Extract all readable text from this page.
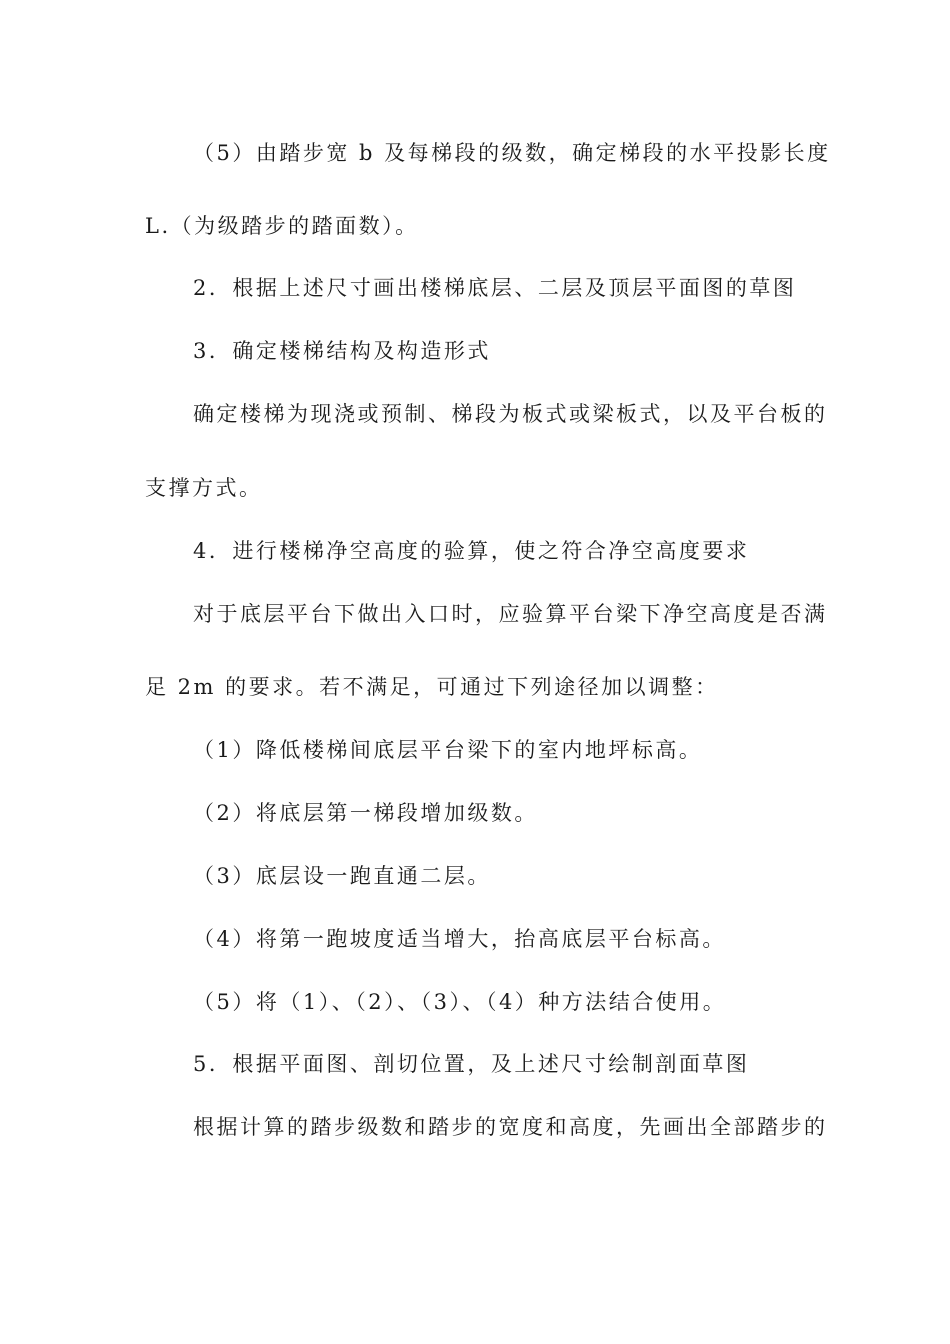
（5）由踏步宽 b 及每梯段的级数，确定梯段的水平投影长度
L.（为级踏步的踏面数）。
2．根据上述尺寸画出楼梯底层、二层及顶层平面图的草图
3．确定楼梯结构及构造形式
确定楼梯为现浇或预制、梯段为板式或梁板式，以及平台板的
支撑方式。
4．进行楼梯净空高度的验算，使之符合净空高度要求
对于底层平台下做出入口时，应验算平台梁下净空高度是否满
足 2m 的要求。若不满足，可通过下列途径加以调整：
（1）降低楼梯间底层平台梁下的室内地坪标高。
（2）将底层第一梯段增加级数。
（3）底层设一跑直通二层。
（4）将第一跑坡度适当增大，抬高底层平台标高。
（5）将（1）、（2）、（3）、（4）种方法结合使用。
5．根据平面图、剖切位置，及上述尺寸绘制剖面草图
根据计算的踏步级数和踏步的宽度和高度，先画出全部踏步的
